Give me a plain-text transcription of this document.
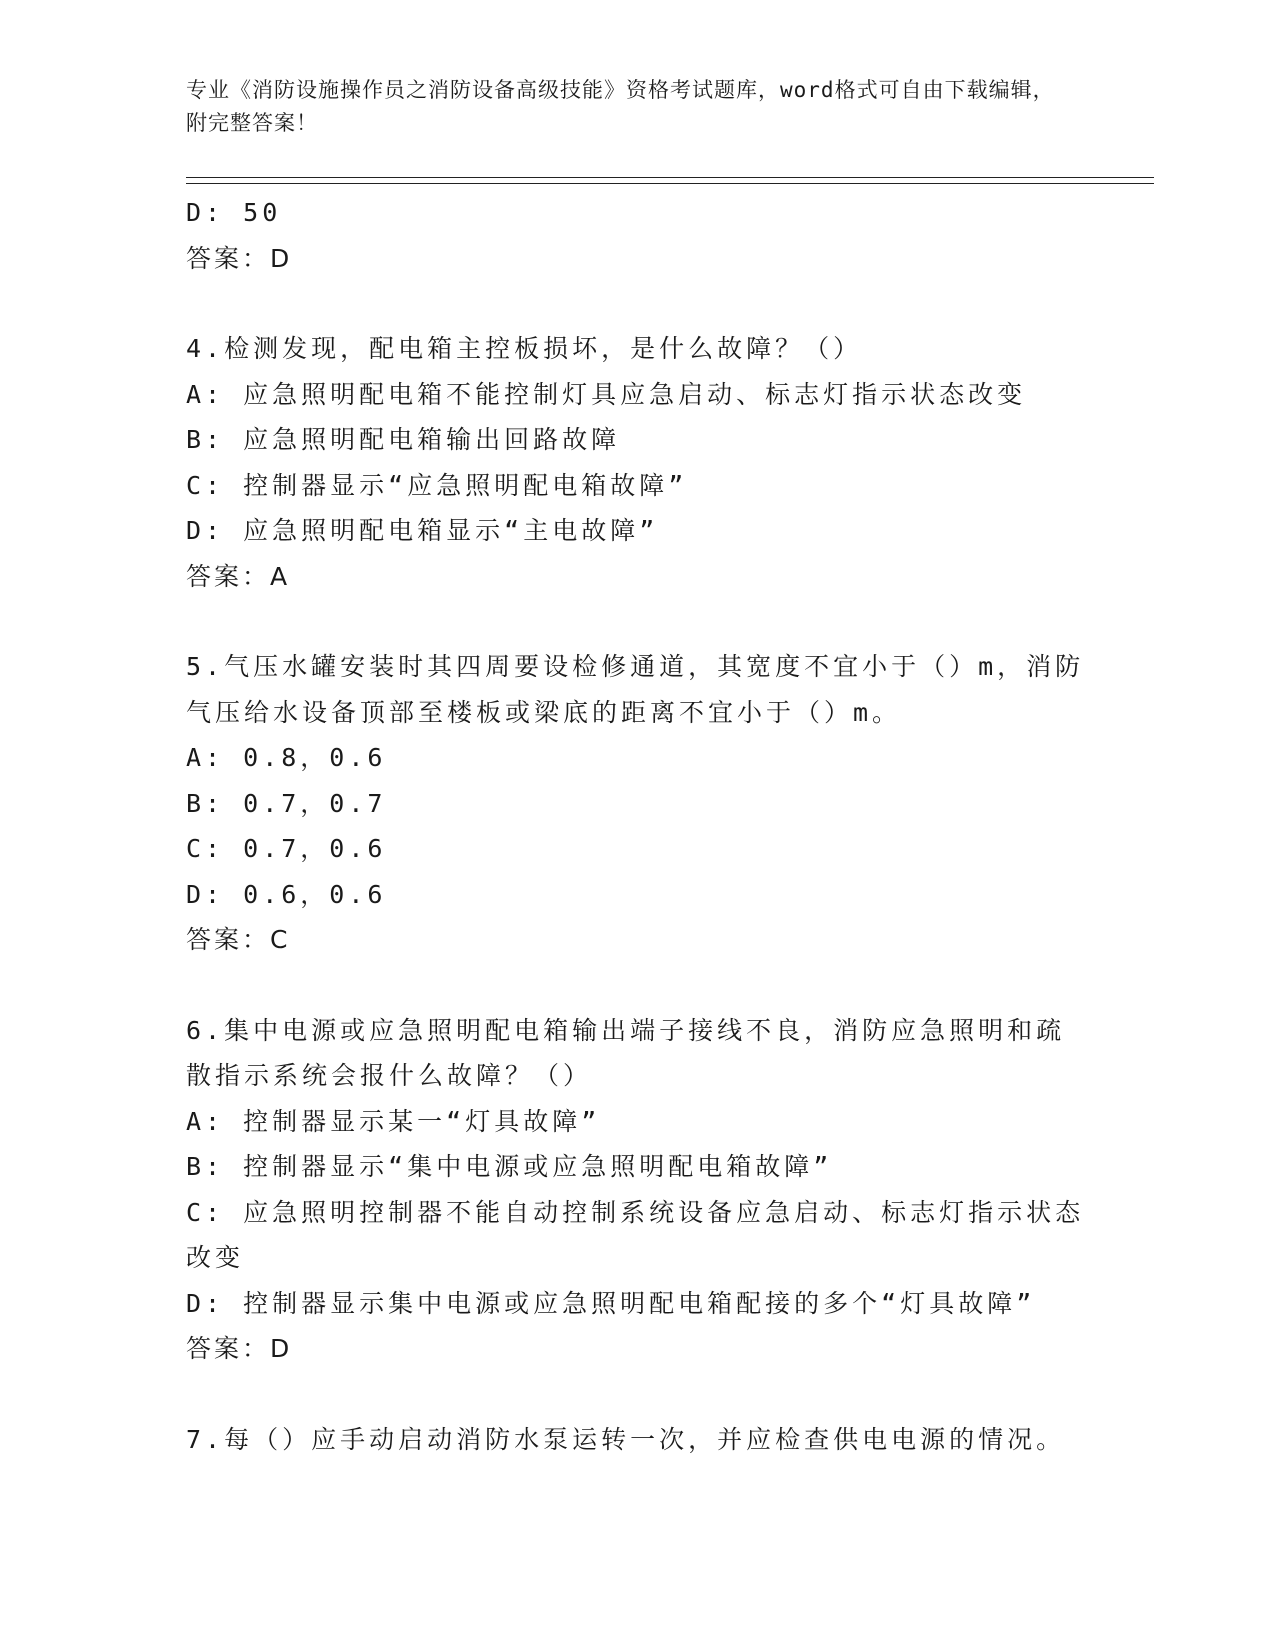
专业《消防设施操作员之消防设备高级技能》资格考试题库，word格式可自由下载编辑，附完整答案！

D: 50

答案：D

4.检测发现，配电箱主控板损坏，是什么故障？（）

A: 应急照明配电箱不能控制灯具应急启动、标志灯指示状态改变

B: 应急照明配电箱输出回路故障

C: 控制器显示“应急照明配电箱故障”

D: 应急照明配电箱显示“主电故障”

答案：A

5.气压水罐安装时其四周要设检修通道，其宽度不宜小于（）m，消防气压给水设备顶部至楼板或梁底的距离不宜小于（）m。

A: 0.8，0.6

B: 0.7，0.7

C: 0.7，0.6

D: 0.6，0.6

答案：C

6.集中电源或应急照明配电箱输出端子接线不良，消防应急照明和疏散指示系统会报什么故障？（）

A: 控制器显示某一“灯具故障”

B: 控制器显示“集中电源或应急照明配电箱故障”

C: 应急照明控制器不能自动控制系统设备应急启动、标志灯指示状态改变

D: 控制器显示集中电源或应急照明配电箱配接的多个“灯具故障”

答案：D

7.每（）应手动启动消防水泵运转一次，并应检查供电电源的情况。
